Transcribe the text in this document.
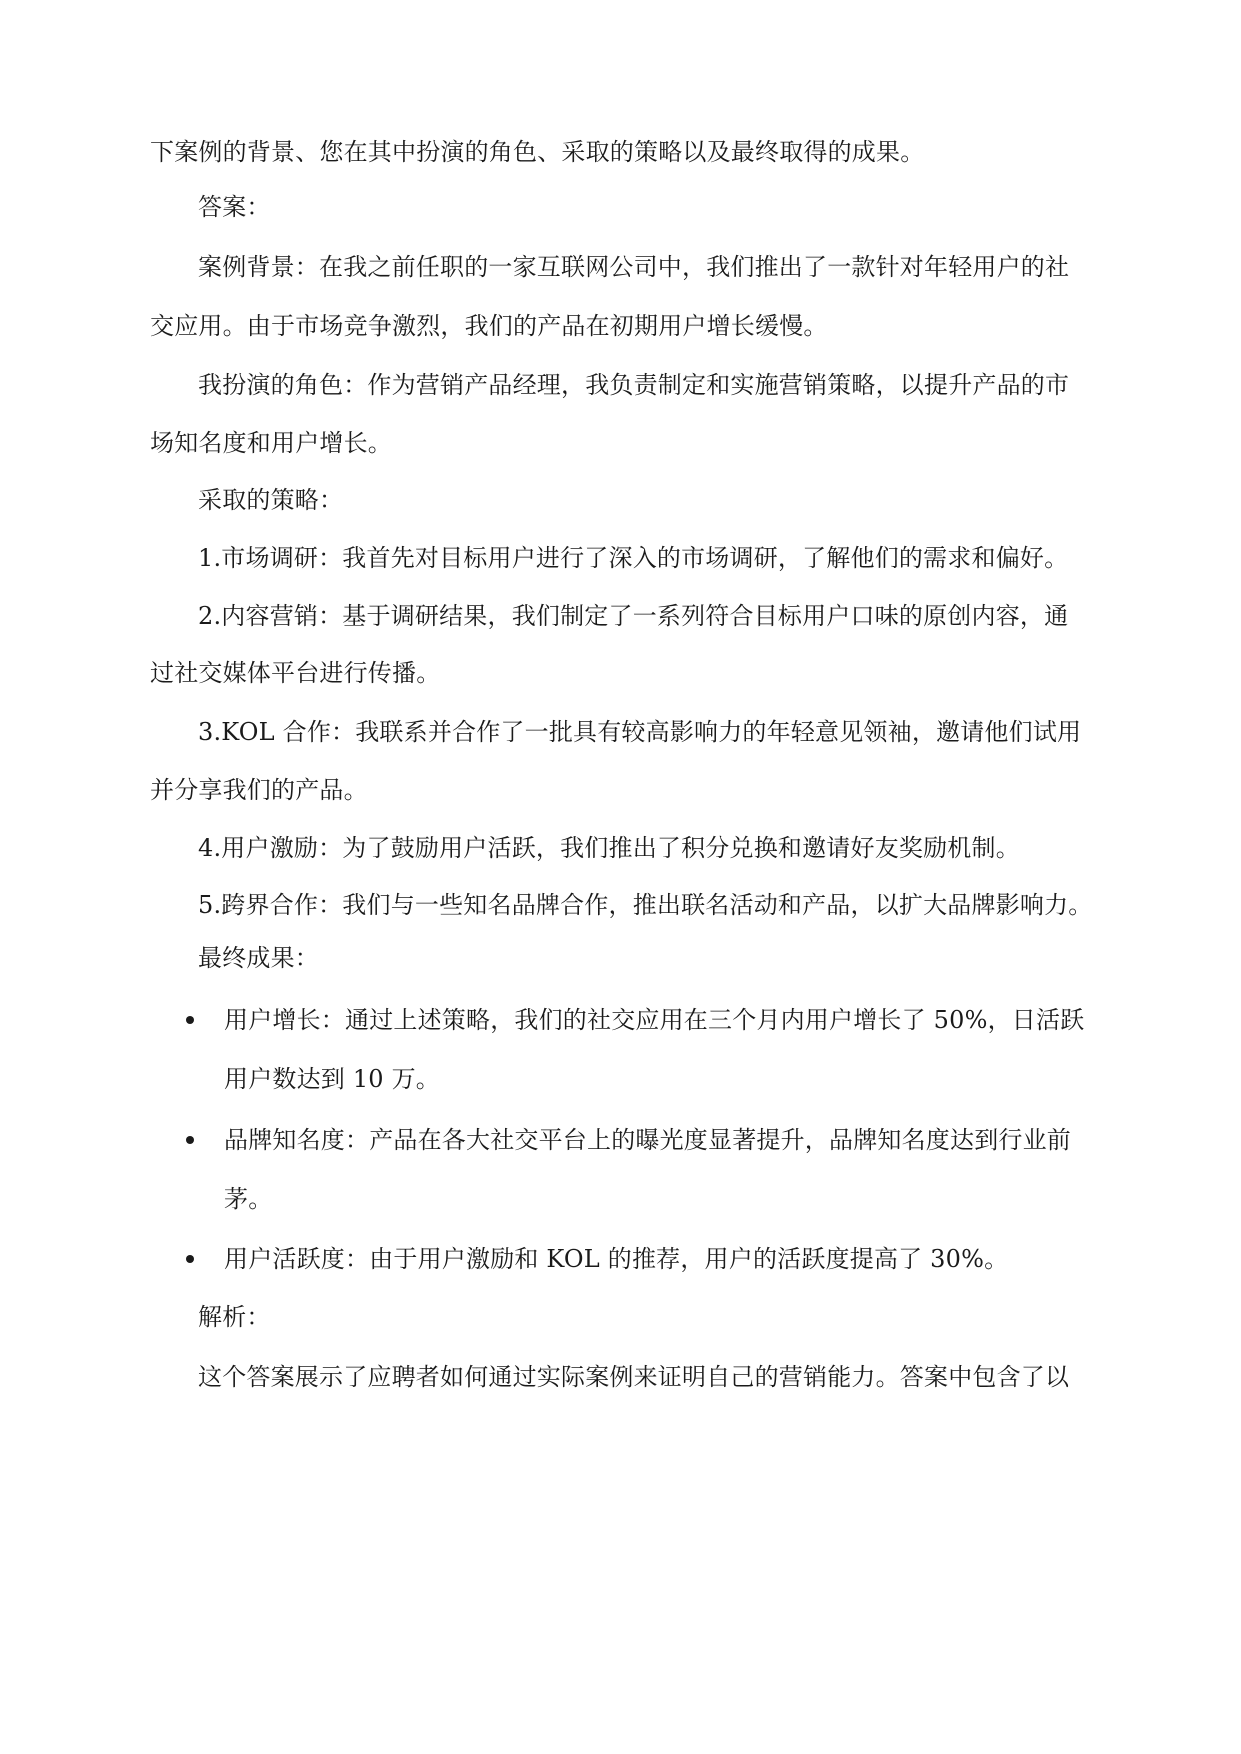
下案例的背景、您在其中扮演的角色、采取的策略以及最终取得的成果。
答案：
案例背景：在我之前任职的一家互联网公司中，我们推出了一款针对年轻用户的社
交应用。由于市场竞争激烈，我们的产品在初期用户增长缓慢。
我扮演的角色：作为营销产品经理，我负责制定和实施营销策略，以提升产品的市
场知名度和用户增长。
采取的策略：
1.市场调研：我首先对目标用户进行了深入的市场调研，了解他们的需求和偏好。
2.内容营销：基于调研结果，我们制定了一系列符合目标用户口味的原创内容，通
过社交媒体平台进行传播。
3.KOL 合作：我联系并合作了一批具有较高影响力的年轻意见领袖，邀请他们试用
并分享我们的产品。
4.用户激励：为了鼓励用户活跃，我们推出了积分兑换和邀请好友奖励机制。
5.跨界合作：我们与一些知名品牌合作，推出联名活动和产品，以扩大品牌影响力。
最终成果：
用户增长：通过上述策略，我们的社交应用在三个月内用户增长了 50%，日活跃
用户数达到 10 万。
品牌知名度：产品在各大社交平台上的曝光度显著提升，品牌知名度达到行业前
茅。
用户活跃度：由于用户激励和 KOL 的推荐，用户的活跃度提高了 30%。
解析：
这个答案展示了应聘者如何通过实际案例来证明自己的营销能力。答案中包含了以
